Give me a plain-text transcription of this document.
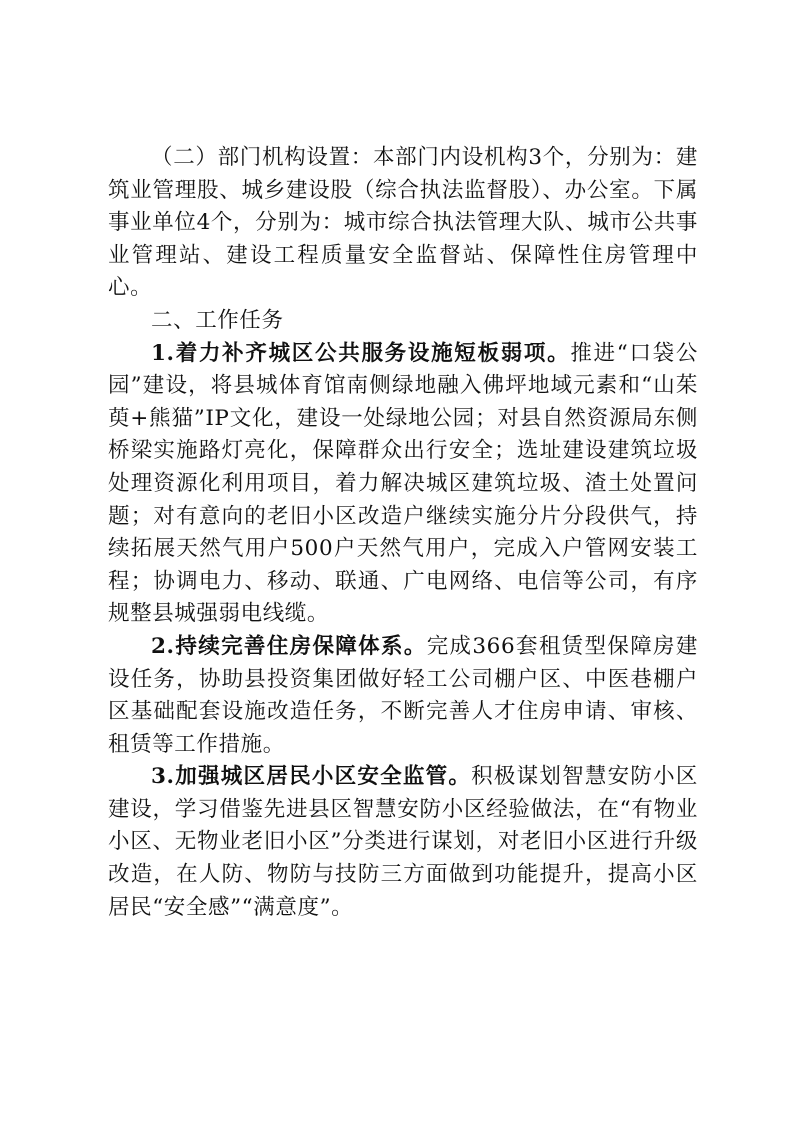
（二）部门机构设置：本部门内设机构3个，分别为：建筑业管理股、城乡建设股（综合执法监督股）、办公室。下属事业单位4个，分别为：城市综合执法管理大队、城市公共事业管理站、建设工程质量安全监督站、保障性住房管理中心。

二、工作任务

1.着力补齐城区公共服务设施短板弱项。推进“口袋公园”建设，将县城体育馆南侧绿地融入佛坪地域元素和“山茱萸+熊猫”IP文化，建设一处绿地公园；对县自然资源局东侧桥梁实施路灯亮化，保障群众出行安全；选址建设建筑垃圾处理资源化利用项目，着力解决城区建筑垃圾、渣土处置问题；对有意向的老旧小区改造户继续实施分片分段供气，持续拓展天然气用户500户天然气用户，完成入户管网安装工程；协调电力、移动、联通、广电网络、电信等公司，有序规整县城强弱电线缆。

2.持续完善住房保障体系。完成366套租赁型保障房建设任务，协助县投资集团做好轻工公司棚户区、中医巷棚户区基础配套设施改造任务，不断完善人才住房申请、审核、租赁等工作措施。

3.加强城区居民小区安全监管。积极谋划智慧安防小区建设，学习借鉴先进县区智慧安防小区经验做法，在“有物业小区、无物业老旧小区”分类进行谋划，对老旧小区进行升级改造，在人防、物防与技防三方面做到功能提升，提高小区居民“安全感”“满意度”。
